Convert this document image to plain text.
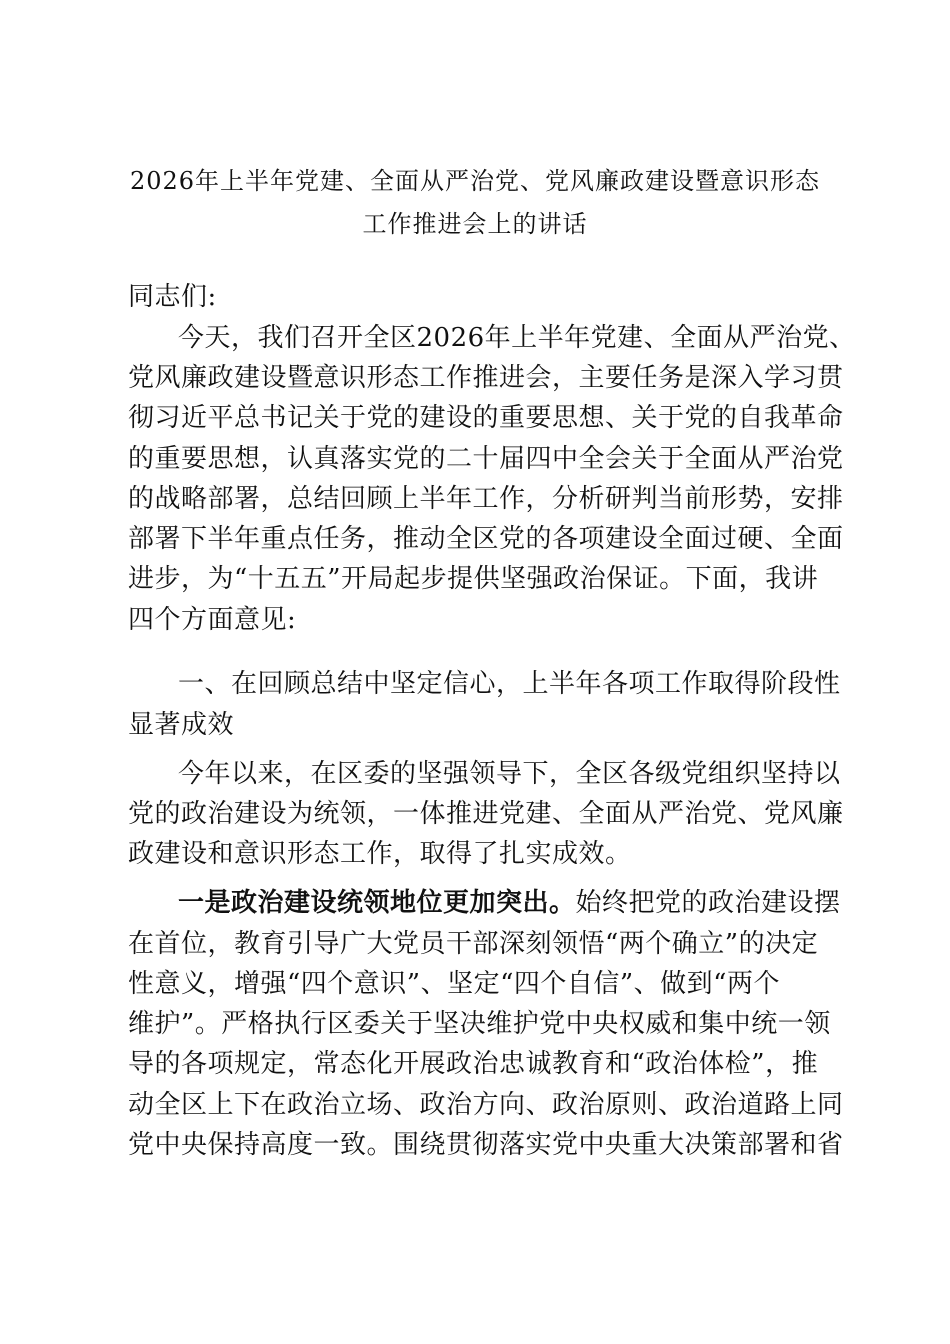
2026年上半年党建、全面从严治党、党风廉政建设暨意识形态
工作推进会上的讲话
同志们:
今天，我们召开全区2026年上半年党建、全面从严治党、
党风廉政建设暨意识形态工作推进会，主要任务是深入学习贯
彻习近平总书记关于党的建设的重要思想、关于党的自我革命
的重要思想，认真落实党的二十届四中全会关于全面从严治党
的战略部署，总结回顾上半年工作，分析研判当前形势，安排
部署下半年重点任务，推动全区党的各项建设全面过硬、全面
进步，为“十五五”开局起步提供坚强政治保证。下面，我讲
四个方面意见:
一、在回顾总结中坚定信心，上半年各项工作取得阶段性
显著成效
今年以来，在区委的坚强领导下，全区各级党组织坚持以
党的政治建设为统领，一体推进党建、全面从严治党、党风廉
政建设和意识形态工作，取得了扎实成效。
一是政治建设统领地位更加突出。始终把党的政治建设摆
在首位，教育引导广大党员干部深刻领悟“两个确立”的决定
性意义，增强“四个意识”、坚定“四个自信”、做到“两个
维护”。严格执行区委关于坚决维护党中央权威和集中统一领
导的各项规定，常态化开展政治忠诚教育和“政治体检”，推
动全区上下在政治立场、政治方向、政治原则、政治道路上同
党中央保持高度一致。围绕贯彻落实党中央重大决策部署和省
